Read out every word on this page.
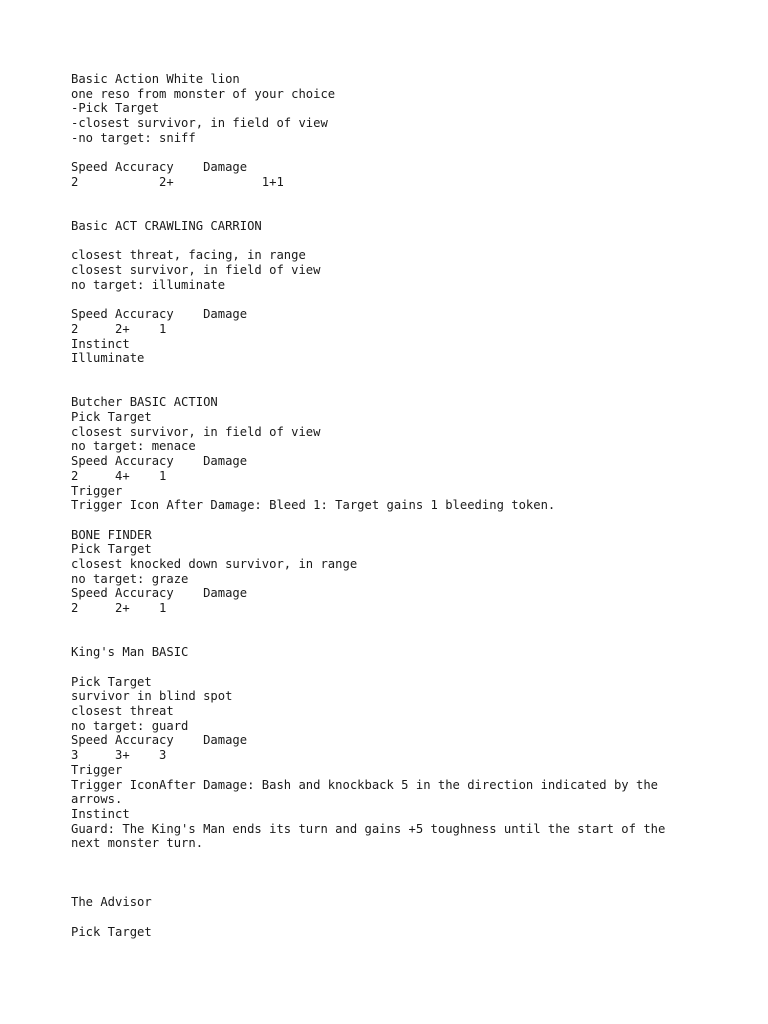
Basic Action White lion
one reso from monster of your choice
-Pick Target
-closest survivor, in field of view
-no target: sniff
Speed Accuracy    Damage
2           2+            1+1
Basic ACT CRAWLING CARRION
closest threat, facing, in range
closest survivor, in field of view
no target: illuminate
Speed Accuracy    Damage
2     2+    1
Instinct
Illuminate
Butcher BASIC ACTION
Pick Target
closest survivor, in field of view
no target: menace
Speed Accuracy    Damage
2     4+    1
Trigger
Trigger Icon After Damage: Bleed 1: Target gains 1 bleeding token.
BONE FINDER
Pick Target
closest knocked down survivor, in range
no target: graze
Speed Accuracy    Damage
2     2+    1
King's Man BASIC
Pick Target
survivor in blind spot
closest threat
no target: guard
Speed Accuracy    Damage
3     3+    3
Trigger
Trigger IconAfter Damage: Bash and knockback 5 in the direction indicated by the
arrows.
Instinct
Guard: The King's Man ends its turn and gains +5 toughness until the start of the
next monster turn.
The Advisor
Pick Target
